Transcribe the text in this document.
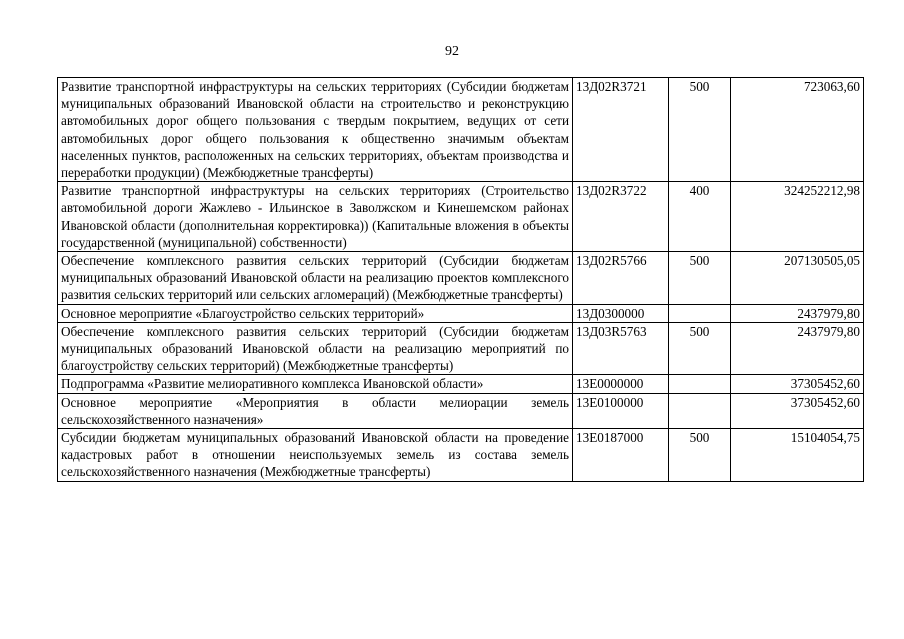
92
Развитие транспортной инфраструктуры на сельских территориях (Субсидии бюджетам муниципальных образований Ивановской области на строительство и реконструкцию автомобильных дорог общего пользования с твердым покрытием, ведущих от сети автомобильных дорог общего пользования к общественно значимым объектам населенных пунктов, расположенных на сельских территориях, объектам производства и переработки продукции) (Межбюджетные трансферты)	13Д02R3721	500	723063,60
Развитие транспортной инфраструктуры на сельских территориях (Строительство автомобильной дороги Жажлево - Ильинское в Заволжском и Кинешемском районах Ивановской области (дополнительная корректировка)) (Капитальные вложения в объекты государственной (муниципальной) собственности)	13Д02R3722	400	324252212,98
Обеспечение комплексного развития сельских территорий (Субсидии бюджетам муниципальных образований Ивановской области на реализацию проектов комплексного развития сельских территорий или сельских агломераций) (Межбюджетные трансферты)	13Д02R5766	500	207130505,05
Основное мероприятие «Благоустройство сельских территорий»	13Д0300000		2437979,80
Обеспечение комплексного развития сельских территорий (Субсидии бюджетам муниципальных образований Ивановской области на реализацию мероприятий по благоустройству сельских территорий) (Межбюджетные трансферты)	13Д03R5763	500	2437979,80
Подпрограмма «Развитие мелиоративного комплекса Ивановской области»	13Е0000000		37305452,60
Основное мероприятие «Мероприятия в области мелиорации земель сельскохозяйственного назначения»	13Е0100000		37305452,60
Субсидии бюджетам муниципальных образований Ивановской области на проведение кадастровых работ в отношении неиспользуемых земель из состава земель сельскохозяйственного назначения (Межбюджетные трансферты)	13Е0187000	500	15104054,75
